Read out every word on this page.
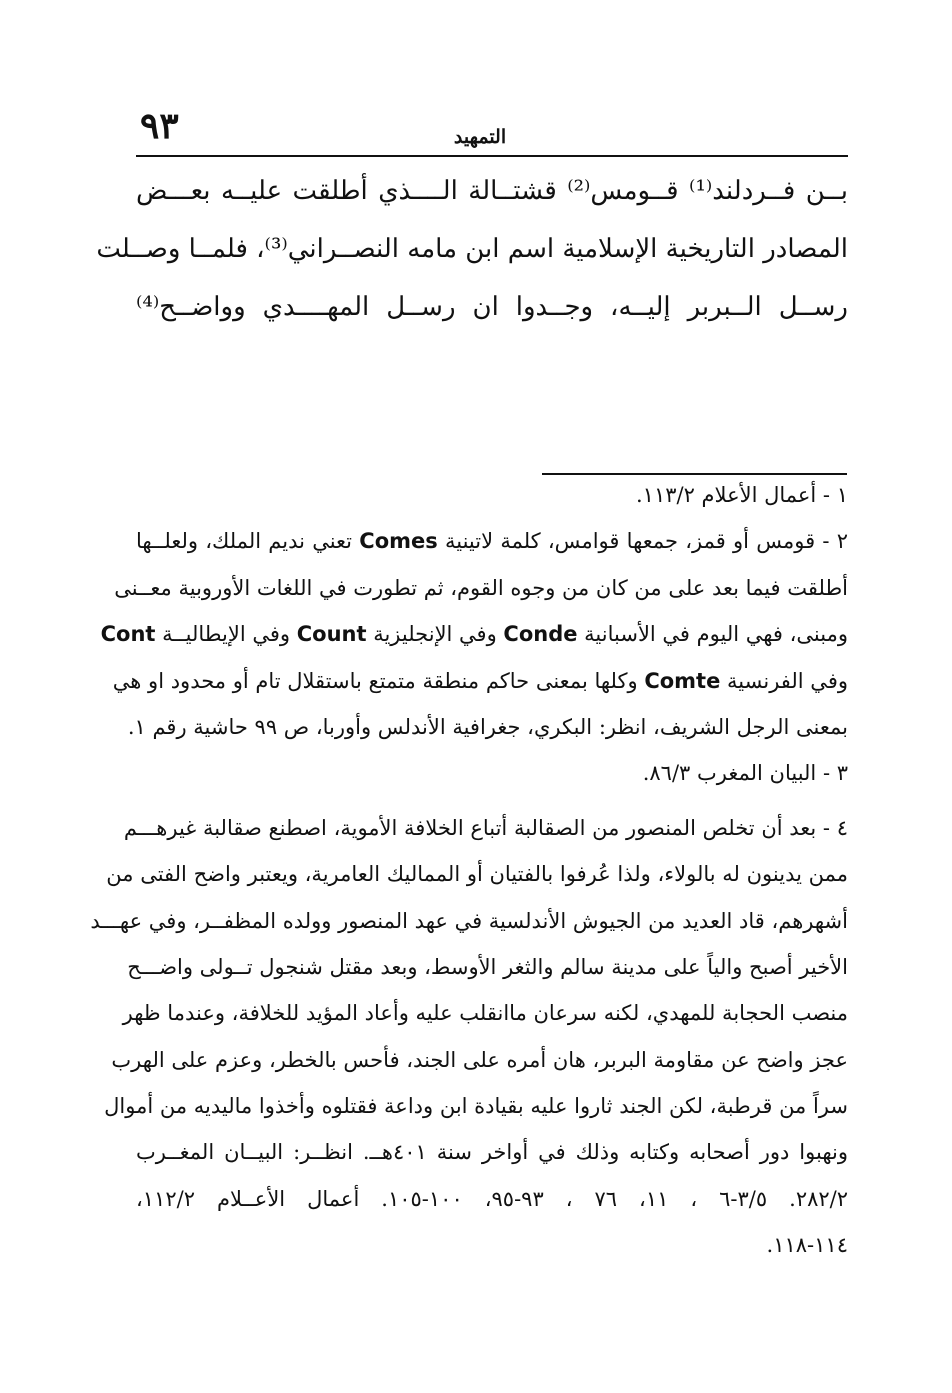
٩٣	التمهيد
بــن فــردلند⁽¹⁾ قــومس⁽²⁾ قشتــالة الــــذي أطلقت عليــه بعـــض
المصادر التاريخية الإسلامية اسم ابن مامه النصــراني⁽³⁾، فلمــا وصــلت
رســل الــبربر إليــه، وجــدوا ان رســل المهــــدي وواضــح⁽⁴⁾
١ - أعمال الأعلام ١١٣/٢.
٢ - قومس أو قمز، جمعها قوامس، كلمة لاتينية Comes تعني نديم الملك، ولعلــها
أطلقت فيما بعد على من كان من وجوه القوم، ثم تطورت في اللغات الأوروبية معــنى
ومبنى، فهي اليوم في الأسبانية Conde وفي الإنجليزية Count وفي الإيطاليــة Cont
وفي الفرنسية Comte وكلها بمعنى حاكم منطقة متمتع باستقلال تام أو محدود او هي
بمعنى الرجل الشريف، انظر: البكري، جغرافية الأندلس وأوربا، ص ٩٩ حاشية رقم ١.
٣ - البيان المغرب ٨٦/٣.
٤ - بعد أن تخلص المنصور من الصقالبة أتباع الخلافة الأموية، اصطنع صقالبة غيرهـــم
ممن يدينون له بالولاء، ولذا عُرفوا بالفتيان أو المماليك العامرية، ويعتبر واضح الفتى من
أشهرهم، قاد العديد من الجيوش الأندلسية في عهد المنصور وولده المظفــر، وفي عهـــد
الأخير أصبح والياً على مدينة سالم والثغر الأوسط، وبعد مقتل شنجول تــولى واضـــح
منصب الحجابة للمهدي، لكنه سرعان ماانقلب عليه وأعاد المؤيد للخلافة، وعندما ظهر
عجز واضح عن مقاومة البربر، هان أمره على الجند، فأحس بالخطر، وعزم على الهرب
سراً من قرطبة، لكن الجند ثاروا عليه بقيادة ابن وداعة فقتلوه وأخذوا ماليديه من أموال
ونهبوا دور أصحابه وكتابه وذلك في أواخر سنة ٤٠١هــ. انظــر: البيــان المغــرب
٢٨٢/٢. ٣/٥-٦ ، ١١، ٧٦ ، ٩٣-٩٥، ١٠٠-١٠٥. أعمال الأعــلام ١١٢/٢،
١١٤-١١٨.
